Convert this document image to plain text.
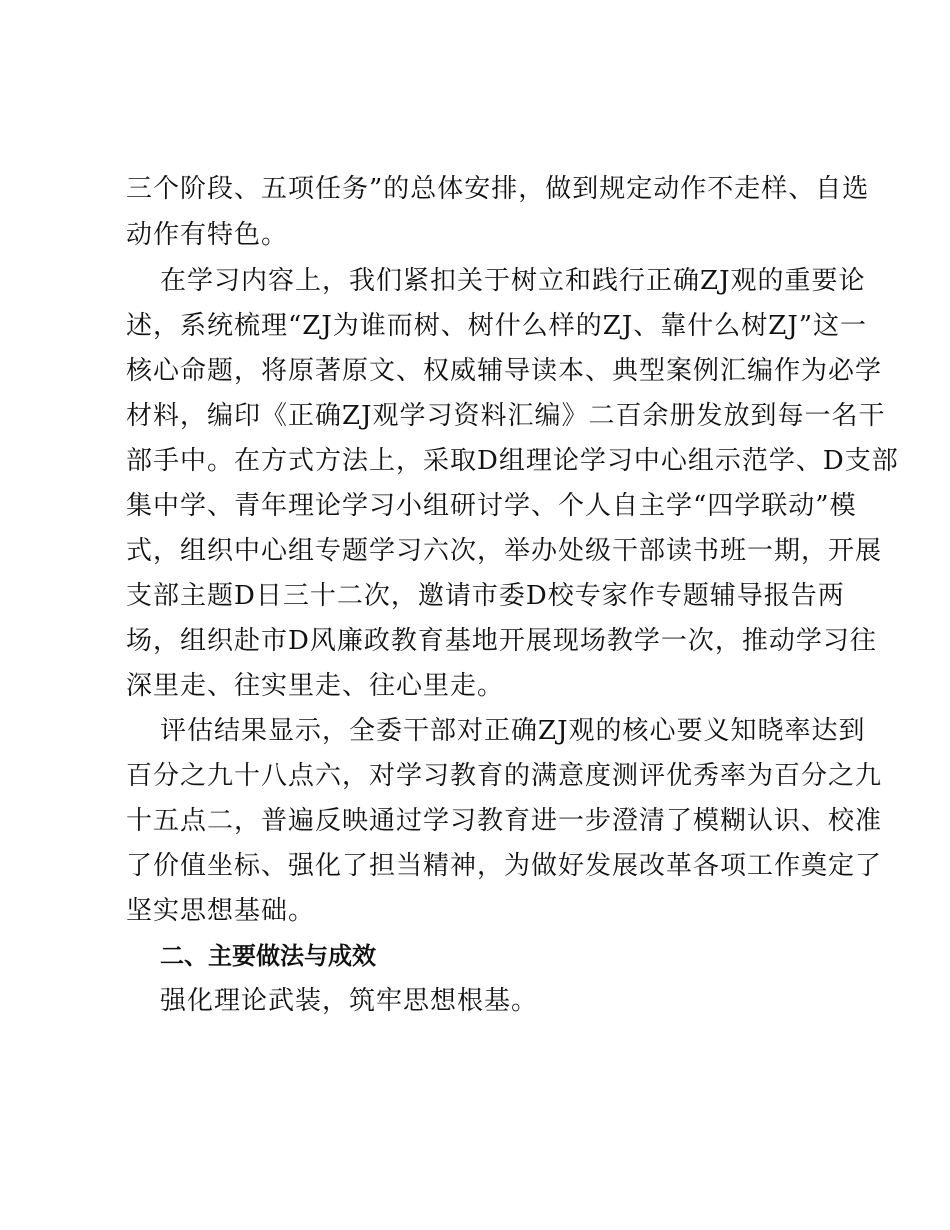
三个阶段、五项任务”的总体安排，做到规定动作不走样、自选
动作有特色。
在学习内容上，我们紧扣关于树立和践行正确ZJ观的重要论
述，系统梳理“ZJ为谁而树、树什么样的ZJ、靠什么树ZJ”这一
核心命题，将原著原文、权威辅导读本、典型案例汇编作为必学
材料，编印《正确ZJ观学习资料汇编》二百余册发放到每一名干
部手中。在方式方法上，采取D组理论学习中心组示范学、D支部
集中学、青年理论学习小组研讨学、个人自主学“四学联动”模
式，组织中心组专题学习六次，举办处级干部读书班一期，开展
支部主题D日三十二次，邀请市委D校专家作专题辅导报告两
场，组织赴市D风廉政教育基地开展现场教学一次，推动学习往
深里走、往实里走、往心里走。
评估结果显示，全委干部对正确ZJ观的核心要义知晓率达到
百分之九十八点六，对学习教育的满意度测评优秀率为百分之九
十五点二，普遍反映通过学习教育进一步澄清了模糊认识、校准
了价值坐标、强化了担当精神，为做好发展改革各项工作奠定了
坚实思想基础。
二、主要做法与成效
强化理论武装，筑牢思想根基。
